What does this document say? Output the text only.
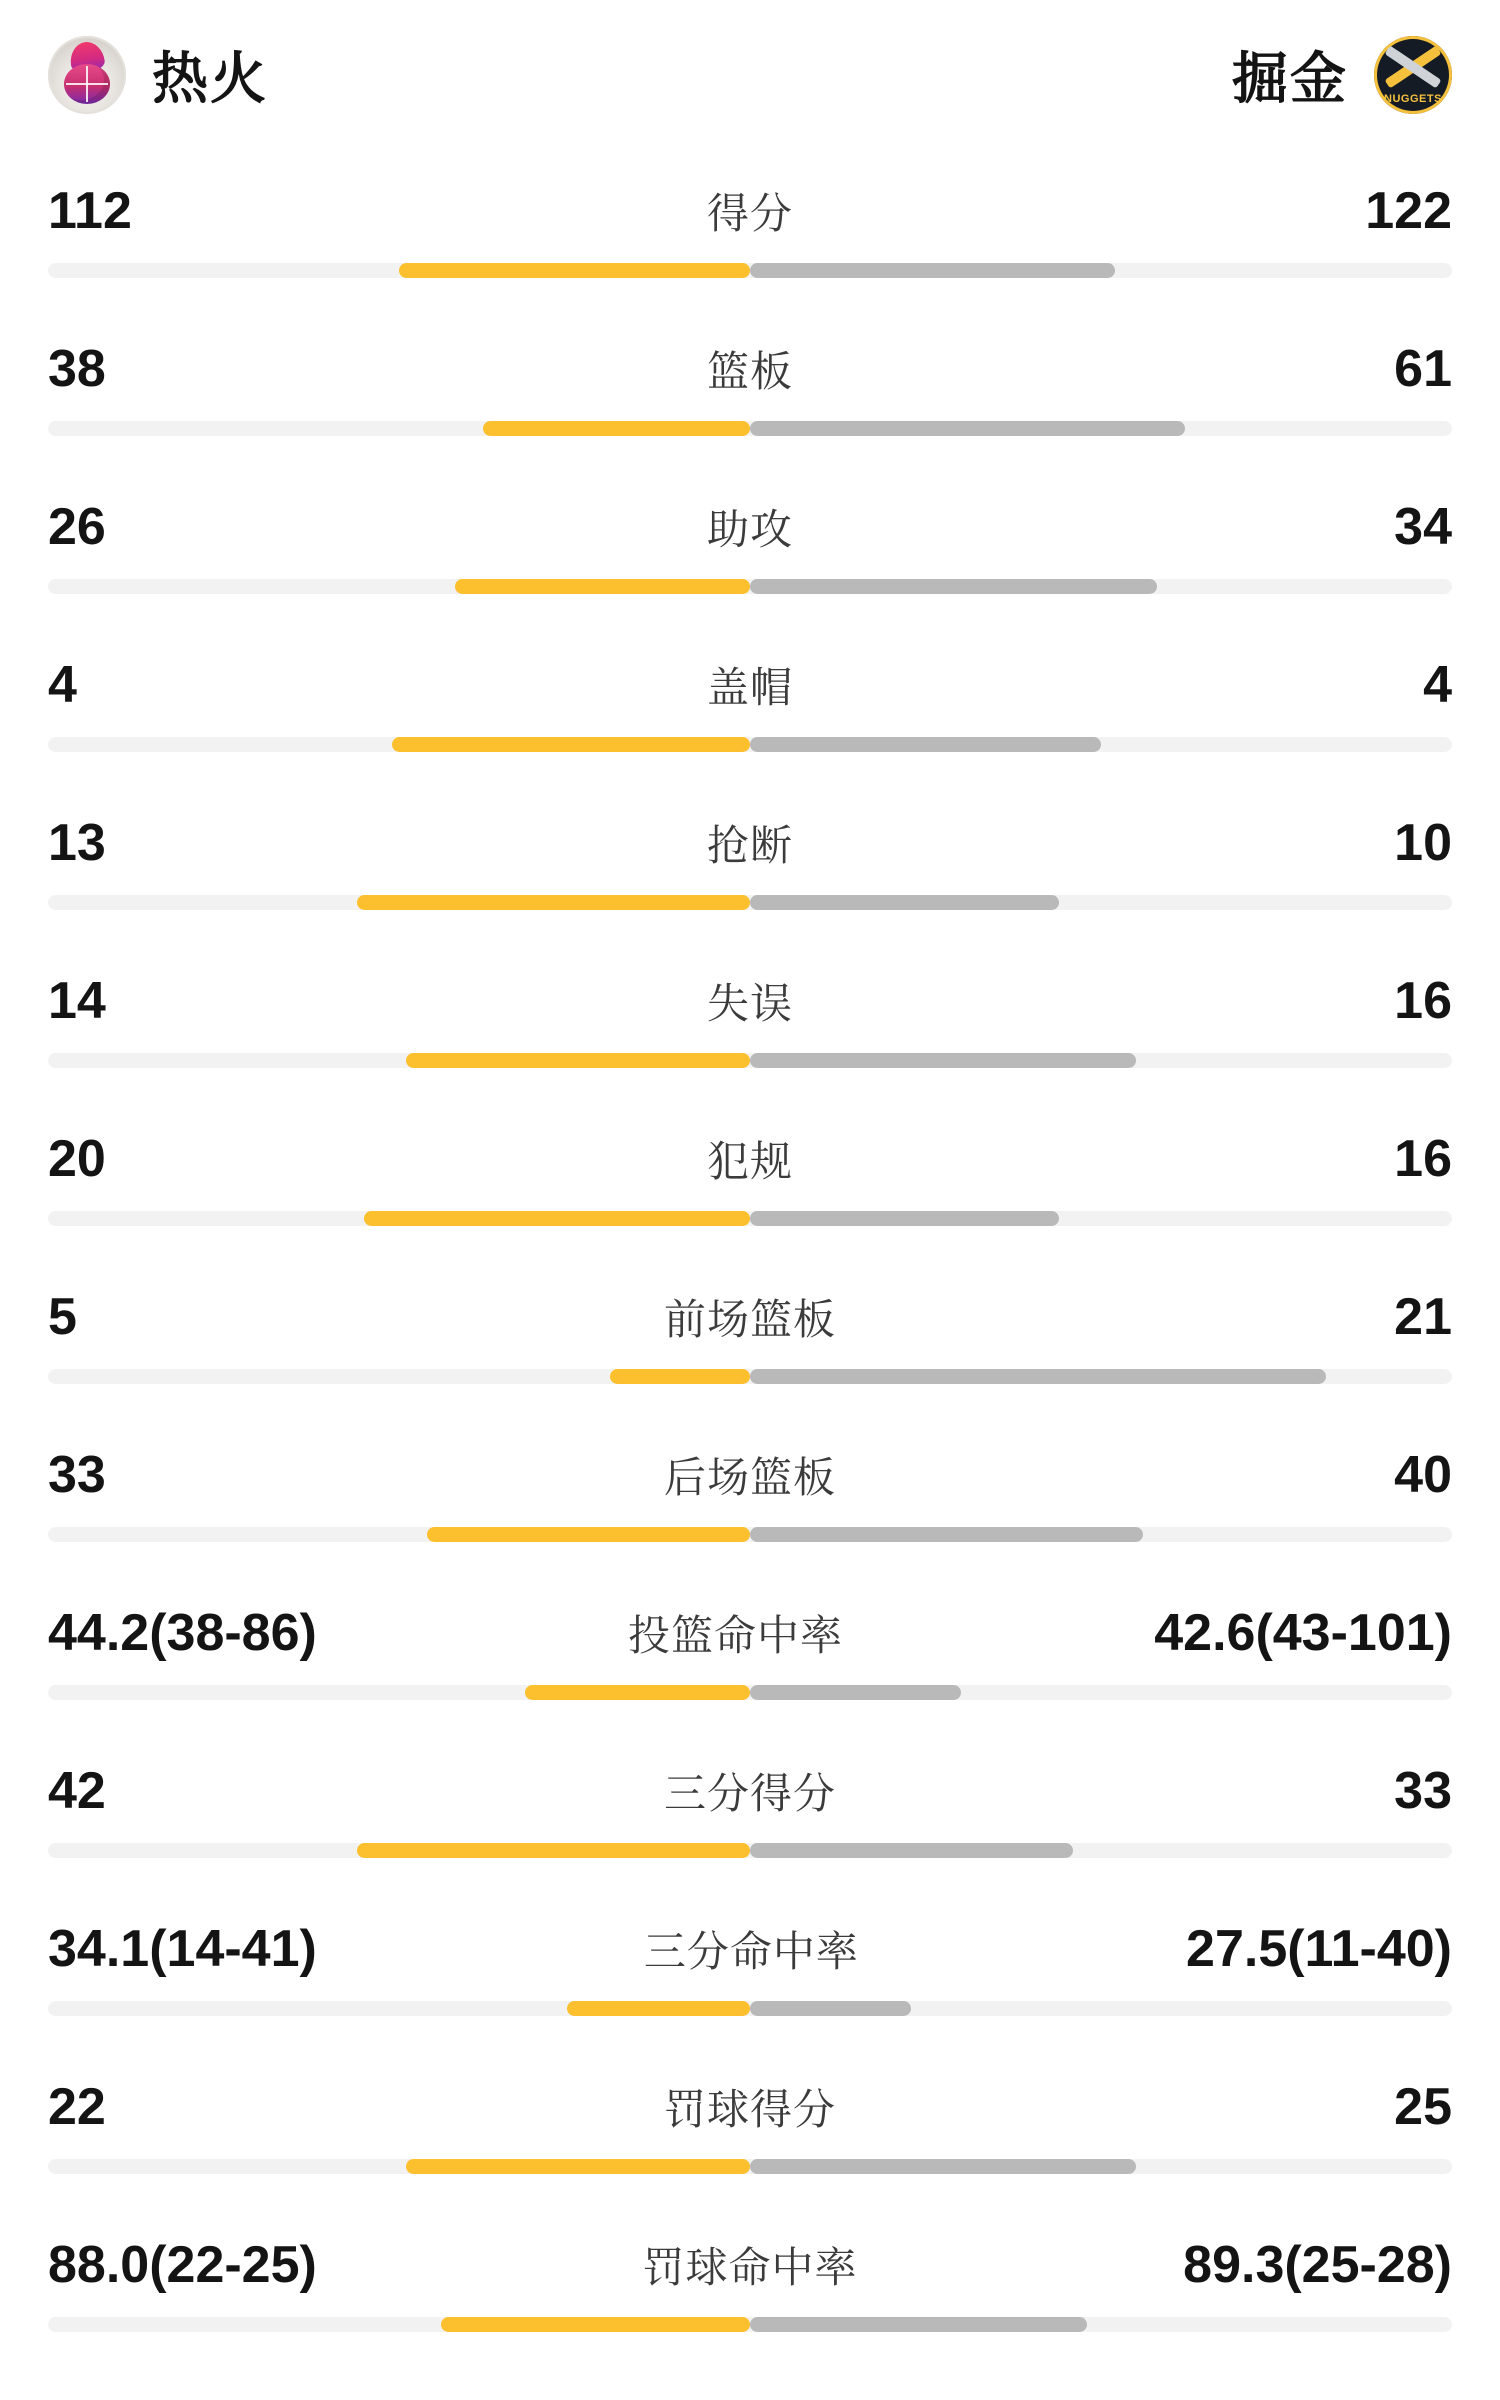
热火	掘金	NUGGETS
112	得分	122
38	篮板	61
26	助攻	34
4	盖帽	4
13	抢断	10
14	失误	16
20	犯规	16
5	前场篮板	21
33	后场篮板	40
44.2(38-86)	投篮命中率	42.6(43-101)
42	三分得分	33
34.1(14-41)	三分命中率	27.5(11-40)
22	罚球得分	25
88.0(22-25)	罚球命中率	89.3(25-28)
